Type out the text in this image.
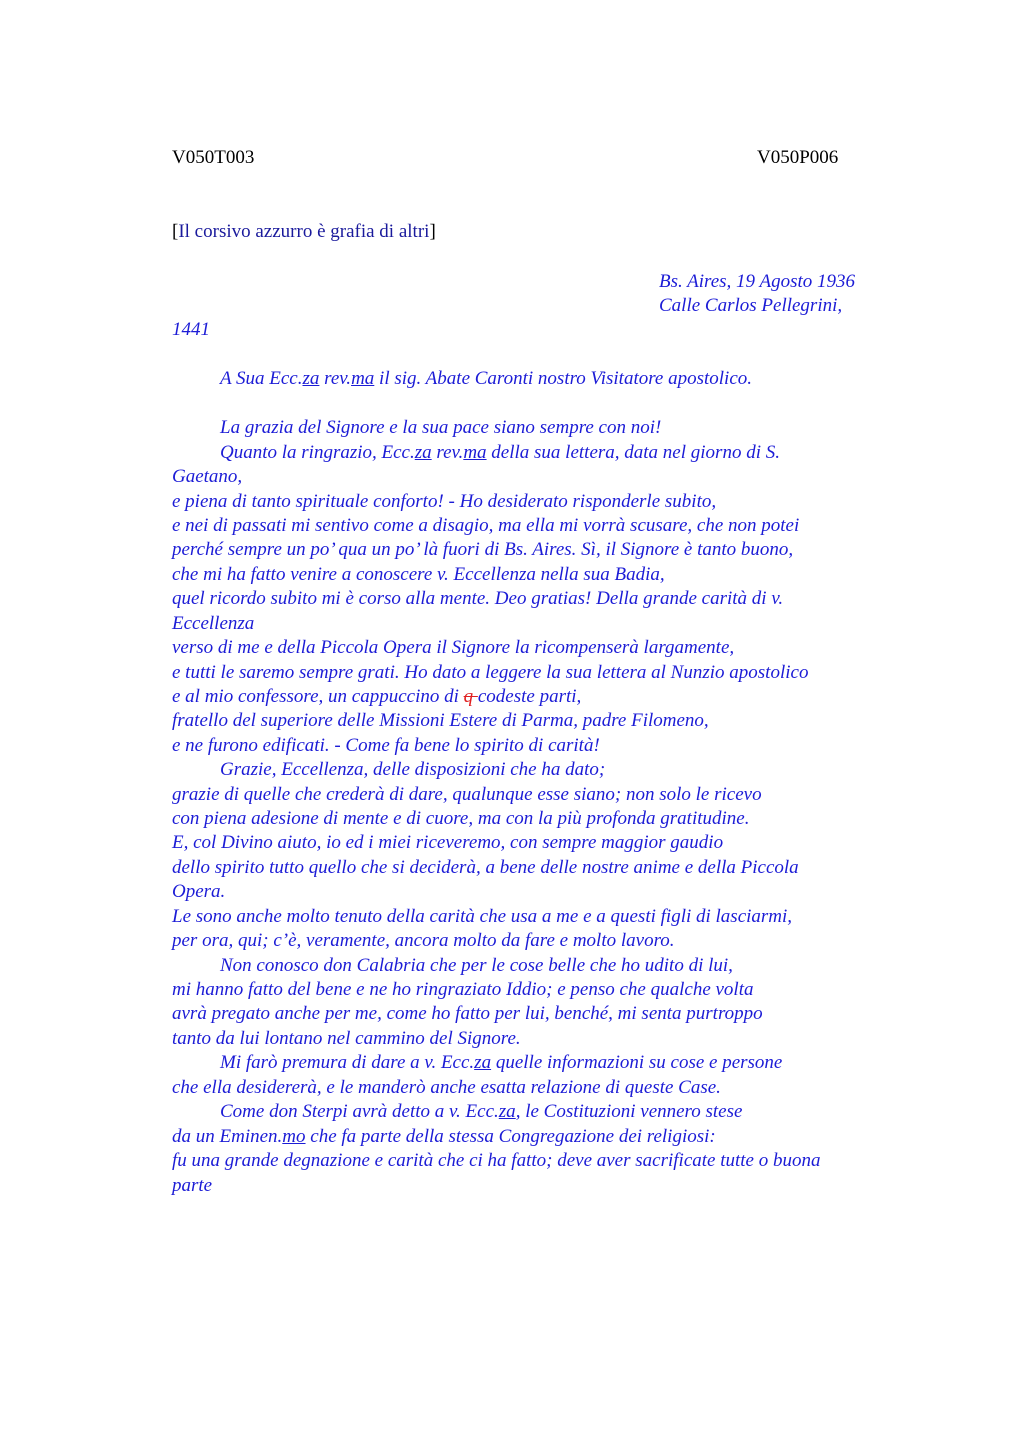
V050T003	V050P006
[Il corsivo azzurro è grafia di altri]
Bs. Aires, 19 Agosto 1936
Calle Carlos Pellegrini,
1441
A Sua Ecc.za rev.ma il sig. Abate Caronti nostro Visitatore apostolico.
La grazia del Signore e la sua pace siano sempre con noi!
Quanto la ringrazio, Ecc.za rev.ma della sua lettera, data nel giorno di S.
Gaetano,
e piena di tanto spirituale conforto! - Ho desiderato risponderle subito,
e nei di passati mi sentivo come a disagio, ma ella mi vorrà scusare, che non potei
perché sempre un po’ qua un po’ là fuori di Bs. Aires. Sì, il Signore è tanto buono,
che mi ha fatto venire a conoscere v. Eccellenza nella sua Badia,
quel ricordo subito mi è corso alla mente. Deo gratias! Della grande carità di v.
Eccellenza
verso di me e della Piccola Opera il Signore la ricompenserà largamente,
e tutti le saremo sempre grati. Ho dato a leggere la sua lettera al Nunzio apostolico
e al mio confessore, un cappuccino di q codeste parti,
fratello del superiore delle Missioni Estere di Parma, padre Filomeno,
e ne furono edificati. - Come fa bene lo spirito di carità!
Grazie, Eccellenza, delle disposizioni che ha dato;
grazie di quelle che crederà di dare, qualunque esse siano; non solo le ricevo
con piena adesione di mente e di cuore, ma con la più profonda gratitudine.
E, col Divino aiuto, io ed i miei riceveremo, con sempre maggior gaudio
dello spirito tutto quello che si deciderà, a bene delle nostre anime e della Piccola
Opera.
Le sono anche molto tenuto della carità che usa a me e a questi figli di lasciarmi,
per ora, qui; c’è, veramente, ancora molto da fare e molto lavoro.
Non conosco don Calabria che per le cose belle che ho udito di lui,
mi hanno fatto del bene e ne ho ringraziato Iddio; e penso che qualche volta
avrà pregato anche per me, come ho fatto per lui, benché, mi senta purtroppo
tanto da lui lontano nel cammino del Signore.
Mi farò premura di dare a v. Ecc.za quelle informazioni su cose e persone
che ella desidererà, e le manderò anche esatta relazione di queste Case.
Come don Sterpi avrà detto a v. Ecc.za, le Costituzioni vennero stese
da un Eminen.mo che fa parte della stessa Congregazione dei religiosi:
fu una grande degnazione e carità che ci ha fatto; deve aver sacrificate tutte o buona
parte
